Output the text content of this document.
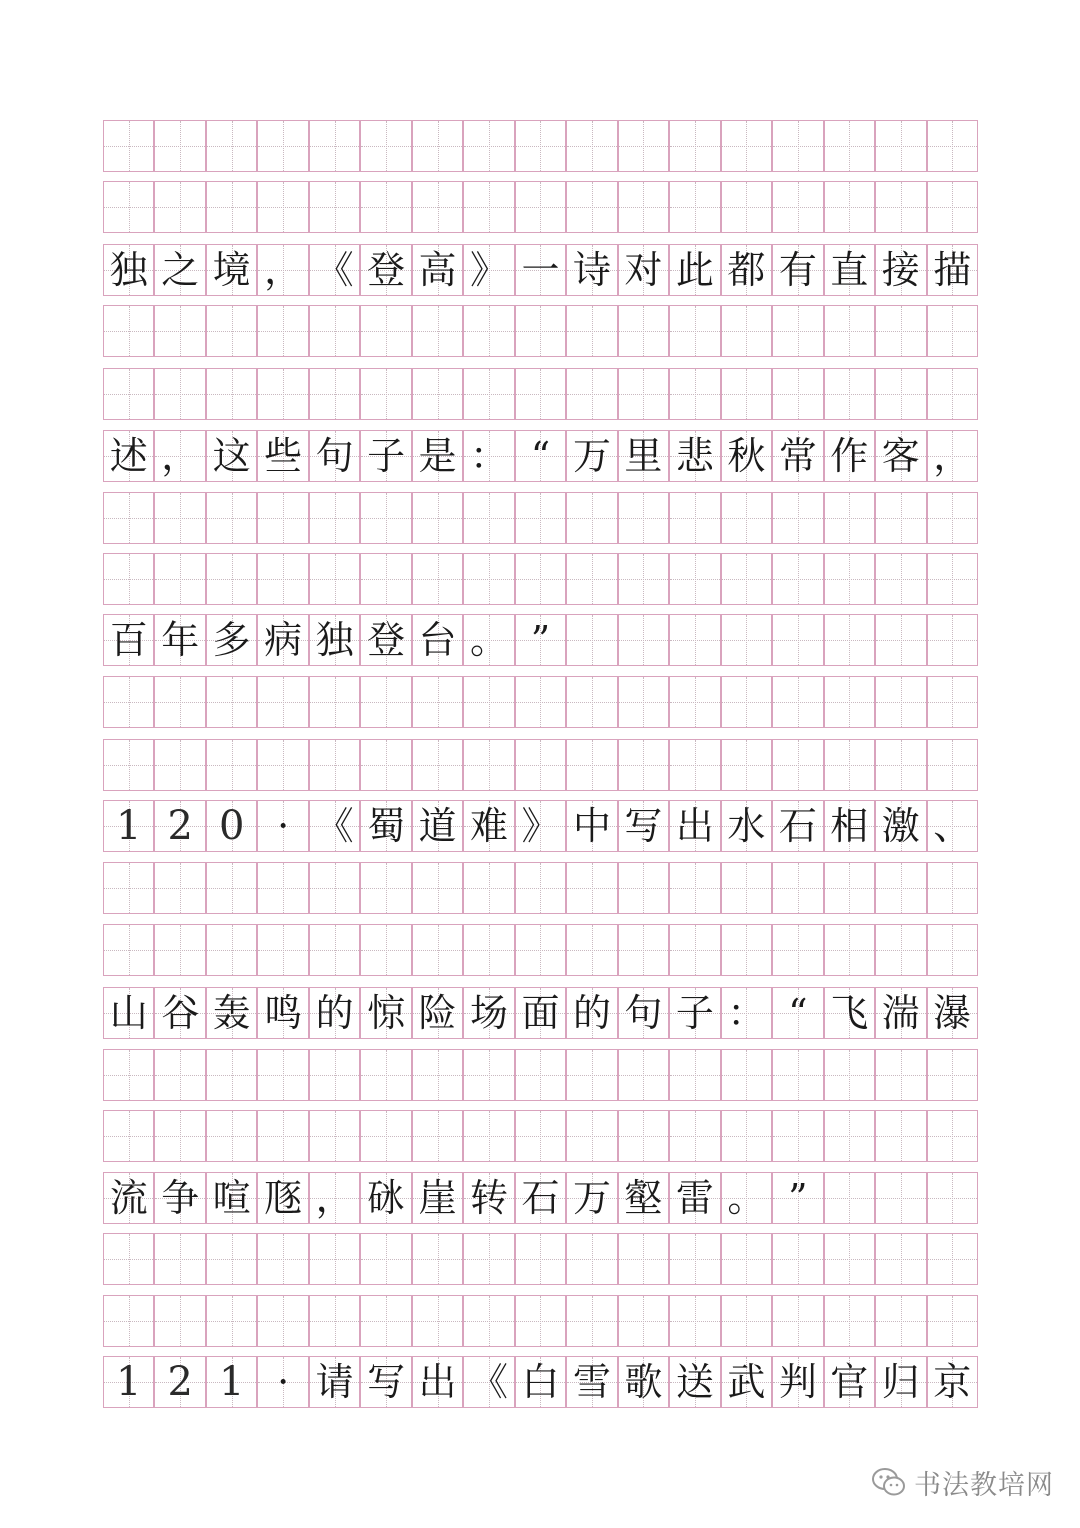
独 之 境 ， 《 登 高 》 一 诗 对 此 都 有 直 接 描
述 ， 这 些 句 子 是 ： “ 万 里 悲 秋 常 作 客 ，
百 年 多 病 独 登 台 。 ”
1 2 0 · 《 蜀 道 难 》 中 写 出 水 石 相 激 、
山 谷 轰 鸣 的 惊 险 场 面 的 句 子 ： “ 飞 湍 瀑
流 争 喧 豗 ， 砯 崖 转 石 万 壑 雷 。 ”
1 2 1 · 请 写 出 《 白 雪 歌 送 武 判 官 归 京
书法教培网
